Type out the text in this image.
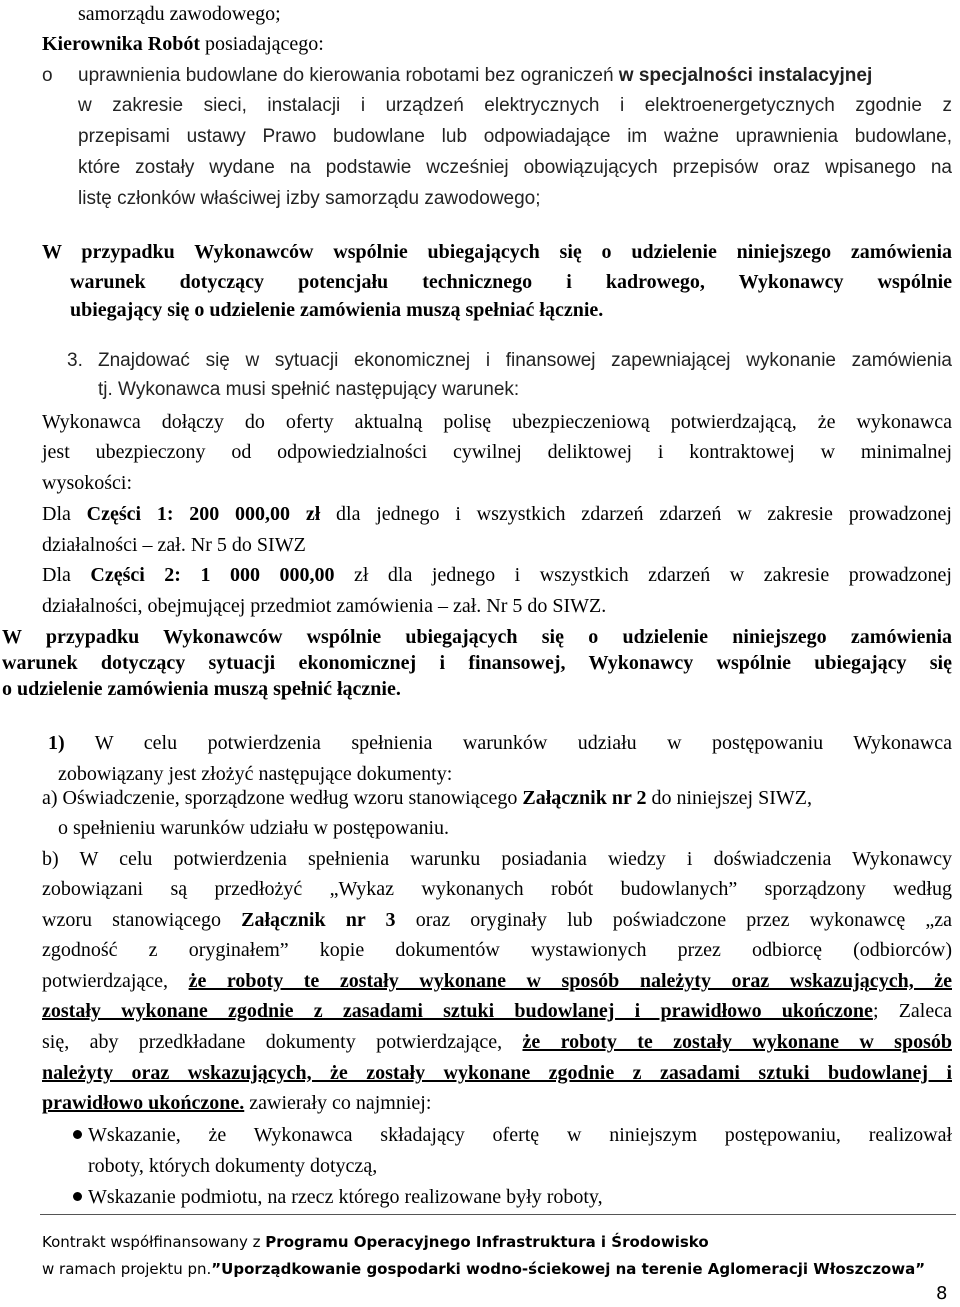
samorządu zawodowego;
Kierownika Robót posiadającego:
o uprawnienia budowlane do kierowania robotami bez ograniczeń w specjalności instalacyjnej
w zakresie sieci, instalacji i urządzeń elektrycznych i elektroenergetycznych zgodnie z
przepisami ustawy Prawo budowlane lub odpowiadające im ważne uprawnienia budowlane,
które zostały wydane na podstawie wcześniej obowiązujących przepisów oraz wpisanego na
listę członków właściwej izby samorządu zawodowego;
W przypadku Wykonawców wspólnie ubiegających się o udzielenie niniejszego zamówienia
warunek dotyczący potencjału technicznego i kadrowego, Wykonawcy wspólnie
ubiegający się o udzielenie zamówienia muszą spełniać łącznie.
3. Znajdować się w sytuacji ekonomicznej i finansowej zapewniającej wykonanie zamówienia
tj. Wykonawca musi spełnić następujący warunek:
Wykonawca dołączy do oferty aktualną polisę ubezpieczeniową potwierdzającą, że wykonawca
jest ubezpieczony od odpowiedzialności cywilnej deliktowej i kontraktowej w minimalnej
wysokości:
Dla Części 1: 200 000,00 zł dla jednego i wszystkich zdarzeń zdarzeń w zakresie prowadzonej
działalności – zał. Nr 5 do SIWZ
Dla Części 2: 1 000 000,00 zł dla jednego i wszystkich zdarzeń w zakresie prowadzonej
działalności, obejmującej przedmiot zamówienia – zał. Nr 5 do SIWZ.
W przypadku Wykonawców wspólnie ubiegających się o udzielenie niniejszego zamówienia
warunek dotyczący sytuacji ekonomicznej i finansowej, Wykonawcy wspólnie ubiegający się
o udzielenie zamówienia muszą spełnić łącznie.
1) W celu potwierdzenia spełnienia warunków udziału w postępowaniu Wykonawca
zobowiązany jest złożyć następujące dokumenty:
a) Oświadczenie, sporządzone według wzoru stanowiącego Załącznik nr 2 do niniejszej SIWZ,
o spełnieniu warunków udziału w postępowaniu.
b) W celu potwierdzenia spełnienia warunku posiadania wiedzy i doświadczenia Wykonawcy
zobowiązani są przedłożyć „Wykaz wykonanych robót budowlanych” sporządzony według
wzoru stanowiącego Załącznik nr 3 oraz oryginały lub poświadczone przez wykonawcę „za
zgodność z oryginałem” kopie dokumentów wystawionych przez odbiorcę (odbiorców)
potwierdzające, że roboty te zostały wykonane w sposób należyty oraz wskazujących, że
zostały wykonane zgodnie z zasadami sztuki budowlanej i prawidłowo ukończone; Zaleca
się, aby przedkładane dokumenty potwierdzające, że roboty te zostały wykonane w sposób
należyty oraz wskazujących, że zostały wykonane zgodnie z zasadami sztuki budowlanej i
prawidłowo ukończone. zawierały co najmniej:
Wskazanie, że Wykonawca składający ofertę w niniejszym postępowaniu, realizował
roboty, których dokumenty dotyczą,
Wskazanie podmiotu, na rzecz którego realizowane były roboty,
Kontrakt współfinansowany z Programu Operacyjnego Infrastruktura i Środowisko
w ramach projektu pn.”Uporządkowanie gospodarki wodno-ściekowej na terenie Aglomeracji Włoszczowa”
8
